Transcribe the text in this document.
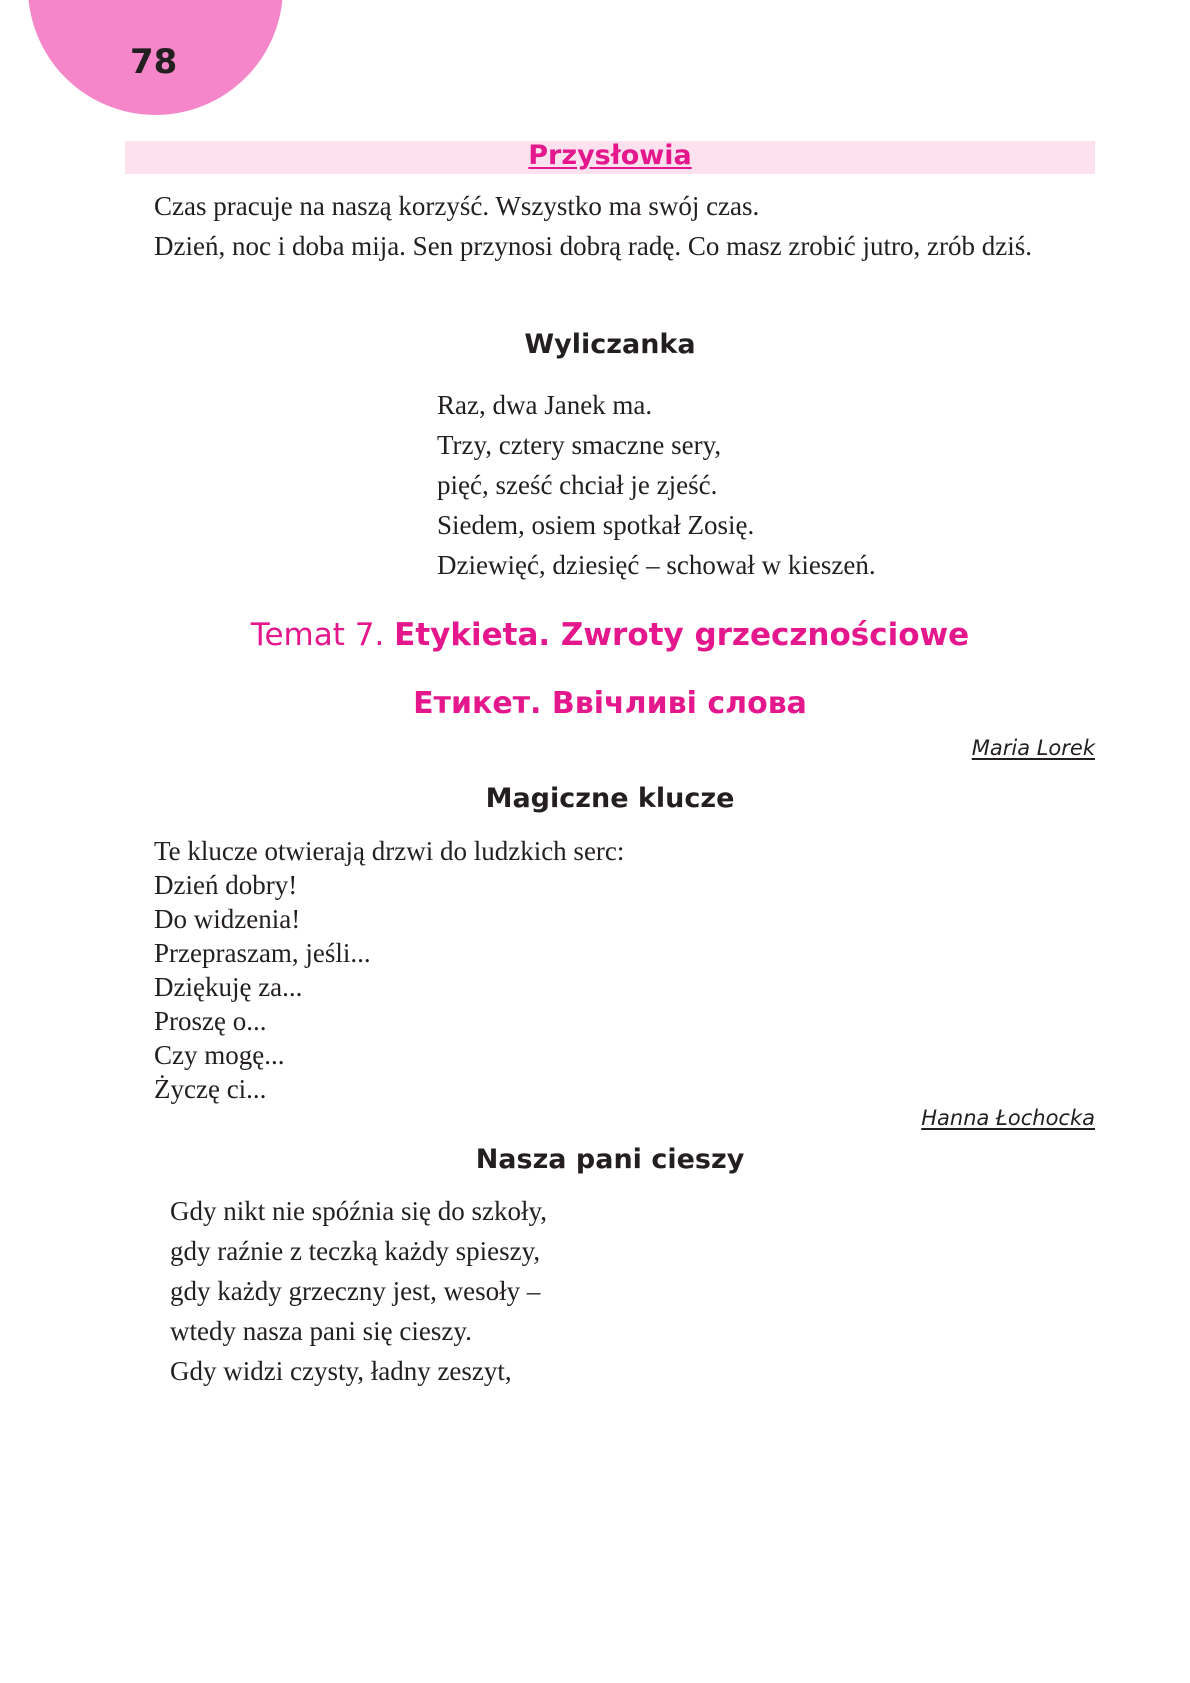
78
Przysłowia

Czas pracuje na naszą korzyść. Wszystko ma swój czas.

Dzień, noc i doba mija. Sen przynosi dobrą radę. Co masz zrobić jutro, zrób dziś.

Wyliczanka
Raz, dwa Janek ma.
Trzy, cztery smaczne sery,
pięć, sześć chciał je zjeść.
Siedem, osiem spotkał Zosię.
Dziewięć, dziesięć – schował w kieszeń.
Temat 7. Etykieta. Zwroty grzecznościowe
Етикет. Ввічливі слова
Maria Lorek
Magiczne klucze
Te klucze otwierają drzwi do ludzkich serc:
Dzień dobry!
Do widzenia!
Przepraszam, jeśli...
Dziękuję za...
Proszę o...
Czy mogę...
Życzę ci...
Hanna Łochocka
Nasza pani cieszy
Gdy nikt nie spóźnia się do szkoły,
gdy raźnie z teczką każdy spieszy,
gdy każdy grzeczny jest, wesoły –
wtedy nasza pani się cieszy.
Gdy widzi czysty, ładny zeszyt,
